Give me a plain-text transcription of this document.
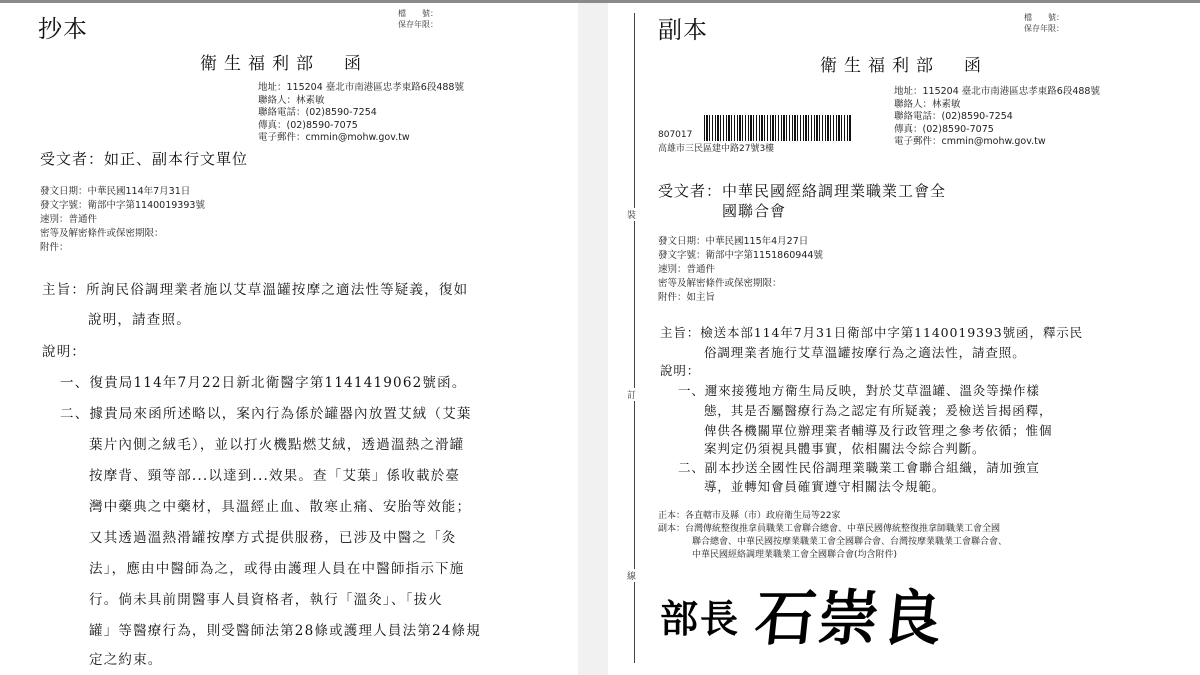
抄本
檔　　號：
保存年限：
衛生福利部　函
地址：115204 臺北市南港區忠孝東路6段488號
聯絡人：林素敏
聯絡電話：(02)8590-7254
傳真：(02)8590-7075
電子郵件：cmmin@mohw.gov.tw
受文者：如正、副本行文單位
發文日期：中華民國114年7月31日
發文字號：衛部中字第1140019393號
速別：普通件
密等及解密條件或保密期限：
附件：
主旨：所詢民俗調理業者施以艾草溫罐按摩之適法性等疑義，復如
說明，請查照。
說明：
一、復貴局114年7月22日新北衛醫字第1141419062號函。
二、據貴局來函所述略以，案內行為係於罐器內放置艾絨（艾葉
葉片內側之絨毛），並以打火機點燃艾絨，透過溫熱之滑罐
按摩背、頸等部...以達到...效果。查「艾葉」係收載於臺
灣中藥典之中藥材，具溫經止血、散寒止痛、安胎等效能；
又其透過溫熱滑罐按摩方式提供服務，已涉及中醫之「灸
法」，應由中醫師為之，或得由護理人員在中醫師指示下施
行。倘未具前開醫事人員資格者，執行「溫灸」、「拔火
罐」等醫療行為，則受醫師法第28條或護理人員法第24條規
定之約束。
裝
訂
線
副本	檔　　號：
保存年限：
衛生福利部　函
地址：115204 臺北市南港區忠孝東路6段488號
聯絡人：林素敏
聯絡電話：(02)8590-7254
傳真：(02)8590-7075
電子郵件：cmmin@mohw.gov.tw
807017
高雄市三民區建中路27號3樓
受文者：中華民國經絡調理業職業工會全
國聯合會
發文日期：中華民國115年4月27日
發文字號：衛部中字第1151860944號
速別：普通件
密等及解密條件或保密期限：
附件：如主旨
主旨：檢送本部114年7月31日衛部中字第1140019393號函，釋示民
俗調理業者施行艾草溫罐按摩行為之適法性，請查照。
說明：
一、邇來接獲地方衛生局反映，對於艾草溫罐、溫灸等操作樣
態，其是否屬醫療行為之認定有所疑義；爰檢送旨揭函釋，
俾供各機關單位辦理業者輔導及行政管理之參考依循；惟個
案判定仍須視具體事實，依相關法令綜合判斷。
二、副本抄送全國性民俗調理業職業工會聯合組織，請加強宣
導，並轉知會員確實遵守相關法令規範。
正本：各直轄市及縣（市）政府衛生局等22家
副本：台灣傳統整復推拿員職業工會聯合總會、中華民國傳統整復推拿師職業工會全國
聯合總會、中華民國按摩業職業工會全國聯合會、台灣按摩業職業工會聯合會、
中華民國經絡調理業職業工會全國聯合會(均含附件)
部長 石崇良
